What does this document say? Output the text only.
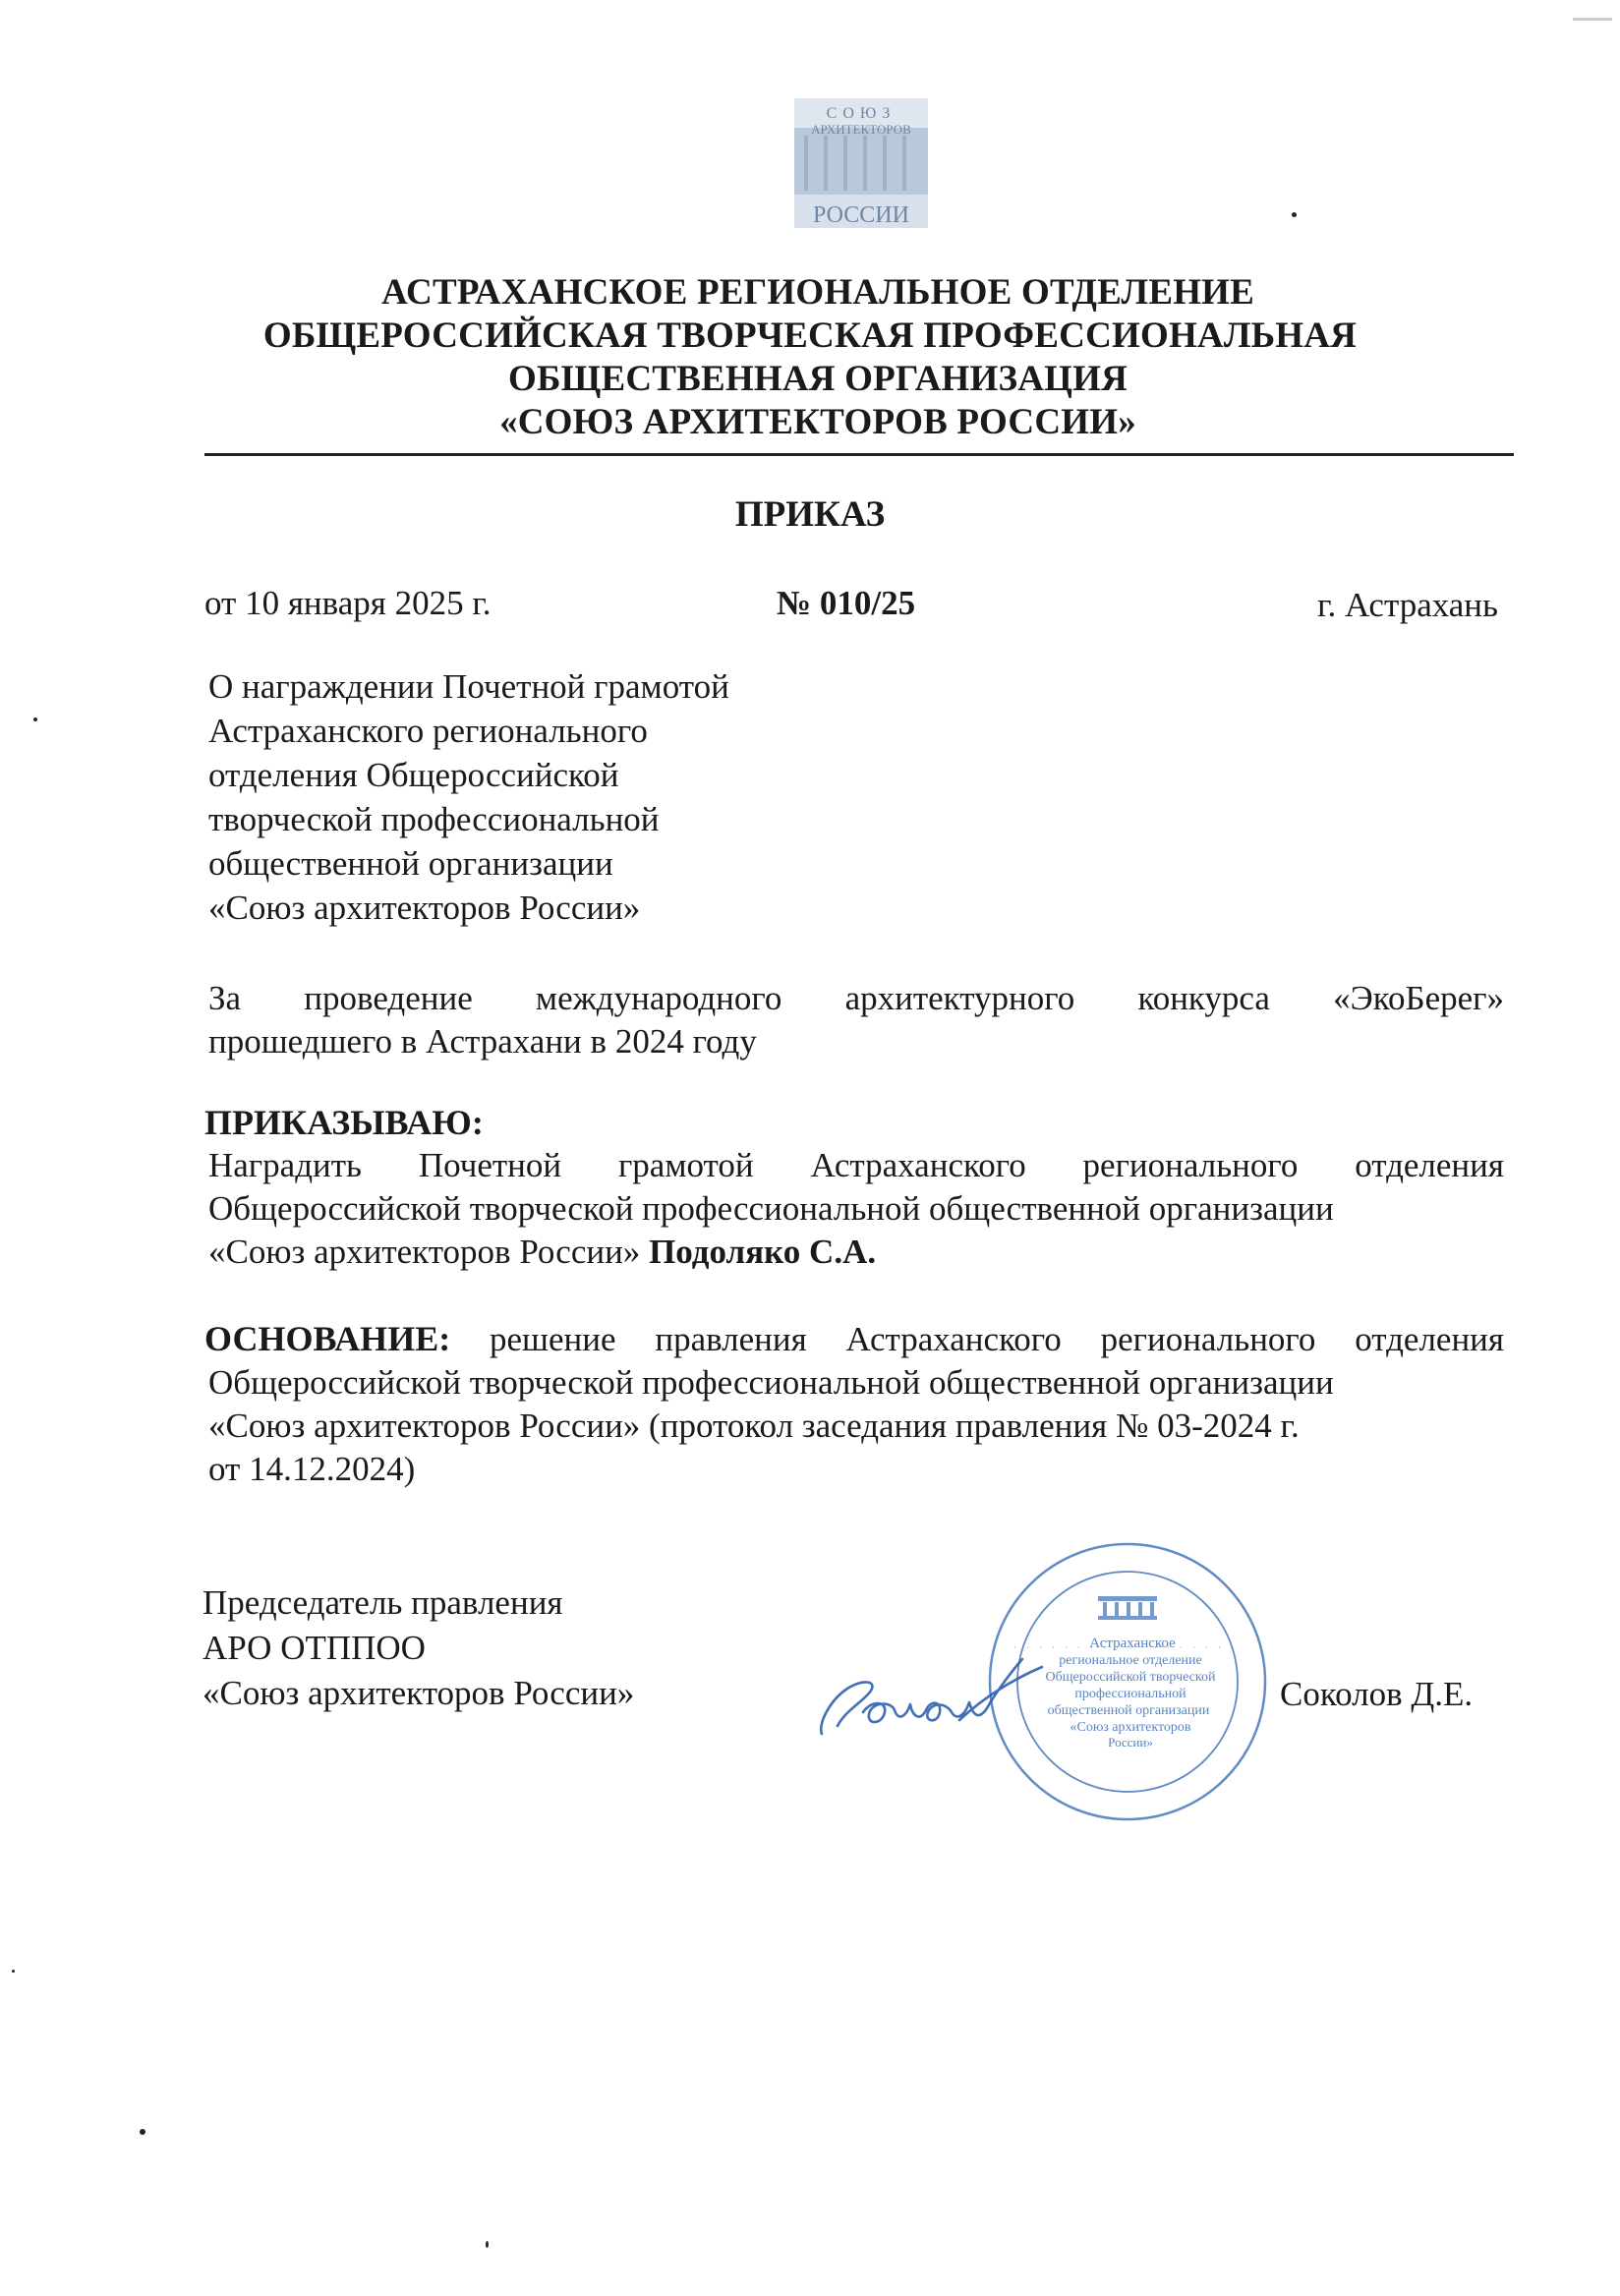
СОЮЗ
АРХИТЕКТОРОВ
РОССИИ
АСТРАХАНСКОЕ РЕГИОНАЛЬНОЕ ОТДЕЛЕНИЕ
ОБЩЕРОССИЙСКАЯ ТВОРЧЕСКАЯ ПРОФЕССИОНАЛЬНАЯ
ОБЩЕСТВЕННАЯ ОРГАНИЗАЦИЯ
«СОЮЗ АРХИТЕКТОРОВ РОССИИ»
ПРИКАЗ
от 10 января 2025 г.	№ 010/25	г. Астрахань
О награждении Почетной грамотой
Астраханского регионального
отделения Общероссийской
творческой профессиональной
общественной организации
«Союз архитекторов России»
За проведение международного архитектурного конкурса «ЭкоБерег»
прошедшего в Астрахани в 2024 году
ПРИКАЗЫВАЮ:
Наградить Почетной грамотой Астраханского регионального отделения
Общероссийской творческой профессиональной общественной организации
«Союз архитекторов России» Подоляко С.А.
ОСНОВАНИЕ: решение правления Астраханского регионального отделения
Общероссийской творческой профессиональной общественной организации
«Союз архитекторов России» (протокол заседания правления № 03-2024 г.
от 14.12.2024)
Председатель правления
АРО ОТППОО
«Союз архитекторов России»	Соколов Д.Е.
Астраханское
региональное отделение
Общероссийской творческой
профессиональной
общественной организации
«Союз архитекторов
России»
